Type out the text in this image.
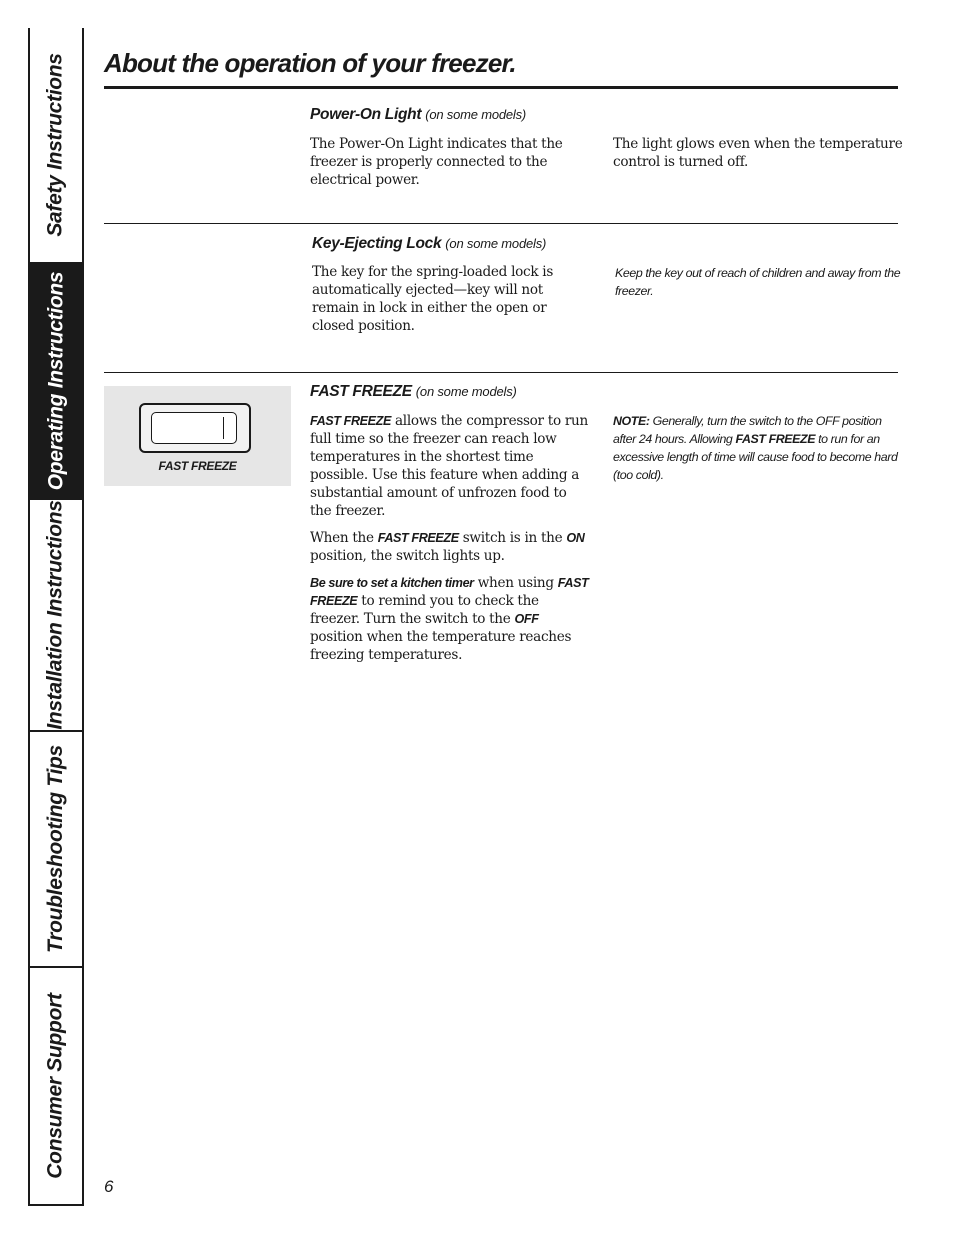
Safety Instructions
Operating Instructions
Installation Instructions
Troubleshooting Tips
Consumer Support
About the operation of your freezer.
Power-On Light (on some models)
The Power-On Light indicates that the freezer is properly connected to the electrical power.
The light glows even when the temperature control is turned off.
Key-Ejecting Lock (on some models)
The key for the spring-loaded lock is automatically ejected—key will not remain in lock in either the open or closed position.
Keep the key out of reach of children and away from the freezer.
FAST FREEZE
FAST FREEZE (on some models)

FAST FREEZE allows the compressor to run full time so the freezer can reach low temperatures in the shortest time possible. Use this feature when adding a substantial amount of unfrozen food to the freezer.

When the FAST FREEZE switch is in the ON position, the switch lights up.

Be sure to set a kitchen timer when using FAST FREEZE to remind you to check the freezer. Turn the switch to the OFF position when the temperature reaches freezing temperatures.

NOTE: Generally, turn the switch to the OFF position after 24 hours. Allowing FAST FREEZE to run for an excessive length of time will cause food to become hard (too cold).
6
